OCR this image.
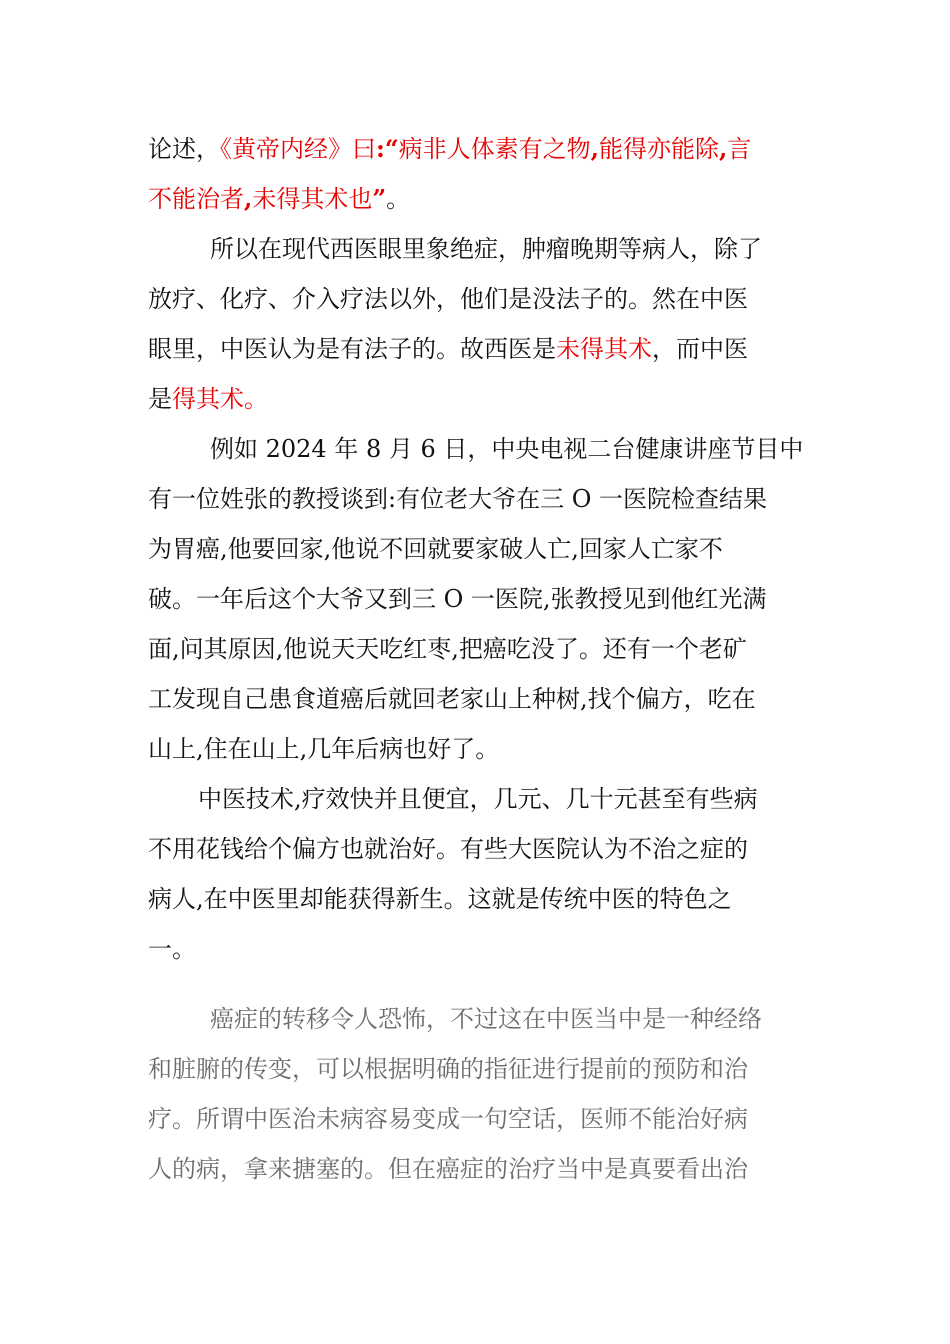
论述，《黄帝内经》曰:“病非人体素有之物,能得亦能除,言
不能治者,未得其术也”。
所以在现代西医眼里象绝症，肿瘤晚期等病人，除了
放疗、化疗、介入疗法以外，他们是没法子的。然在中医
眼里，中医认为是有法子的。故西医是未得其术，而中医
是得其术。
例如 2024 年 8 月 6 日，中央电视二台健康讲座节目中
有一位姓张的教授谈到:有位老大爷在三 O 一医院检查结果
为胃癌,他要回家,他说不回就要家破人亡,回家人亡家不
破。一年后这个大爷又到三 O 一医院,张教授见到他红光满
面,问其原因,他说天天吃红枣,把癌吃没了。还有一个老矿
工发现自己患食道癌后就回老家山上种树,找个偏方，吃在
山上,住在山上,几年后病也好了。
中医技术,疗效快并且便宜，几元、几十元甚至有些病
不用花钱给个偏方也就治好。有些大医院认为不治之症的
病人,在中医里却能获得新生。这就是传统中医的特色之
一。
癌症的转移令人恐怖，不过这在中医当中是一种经络
和脏腑的传变，可以根据明确的指征进行提前的预防和治
疗。所谓中医治未病容易变成一句空话，医师不能治好病
人的病，拿来搪塞的。但在癌症的治疗当中是真要看出治
